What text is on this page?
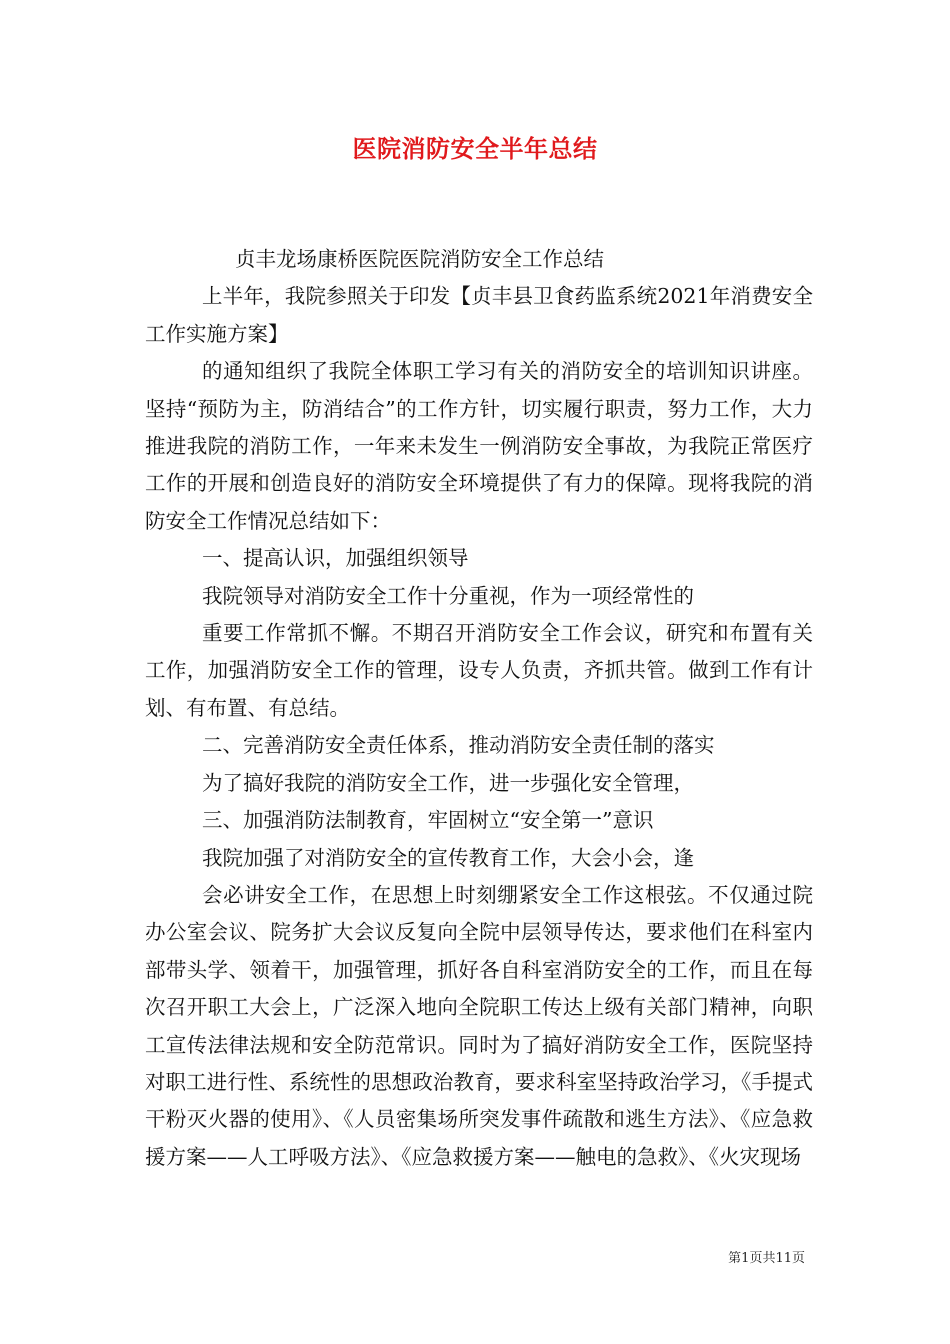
医院消防安全半年总结

贞丰龙场康桥医院医院消防安全工作总结

上半年，我院参照关于印发【贞丰县卫食药监系统2021年消费安全工作实施方案】

的通知组织了我院全体职工学习有关的消防安全的培训知识讲座。坚持“预防为主，防消结合”的工作方针，切实履行职责，努力工作，大力推进我院的消防工作，一年来未发生一例消防安全事故，为我院正常医疗工作的开展和创造良好的消防安全环境提供了有力的保障。现将我院的消防安全工作情况总结如下：

一、提高认识，加强组织领导

我院领导对消防安全工作十分重视，作为一项经常性的

重要工作常抓不懈。不期召开消防安全工作会议，研究和布置有关工作，加强消防安全工作的管理，设专人负责，齐抓共管。做到工作有计划、有布置、有总结。

二、完善消防安全责任体系，推动消防安全责任制的落实

为了搞好我院的消防安全工作，进一步强化安全管理，

三、加强消防法制教育，牢固树立“安全第一”意识

我院加强了对消防安全的宣传教育工作，大会小会，逢

会必讲安全工作，在思想上时刻绷紧安全工作这根弦。不仅通过院办公室会议、院务扩大会议反复向全院中层领导传达，要求他们在科室内部带头学、领着干，加强管理，抓好各自科室消防安全的工作，而且在每次召开职工大会上，广泛深入地向全院职工传达上级有关部门精神，向职工宣传法律法规和安全防范常识。同时为了搞好消防安全工作，医院坚持对职工进行性、系统性的思想政治教育，要求科室坚持政治学习，《手提式干粉灭火器的使用》、《人员密集场所突发事件疏散和逃生方法》、《应急救援方案——人工呼吸方法》、《应急救援方案——触电的急救》、《火灾现场

第1页共11页
